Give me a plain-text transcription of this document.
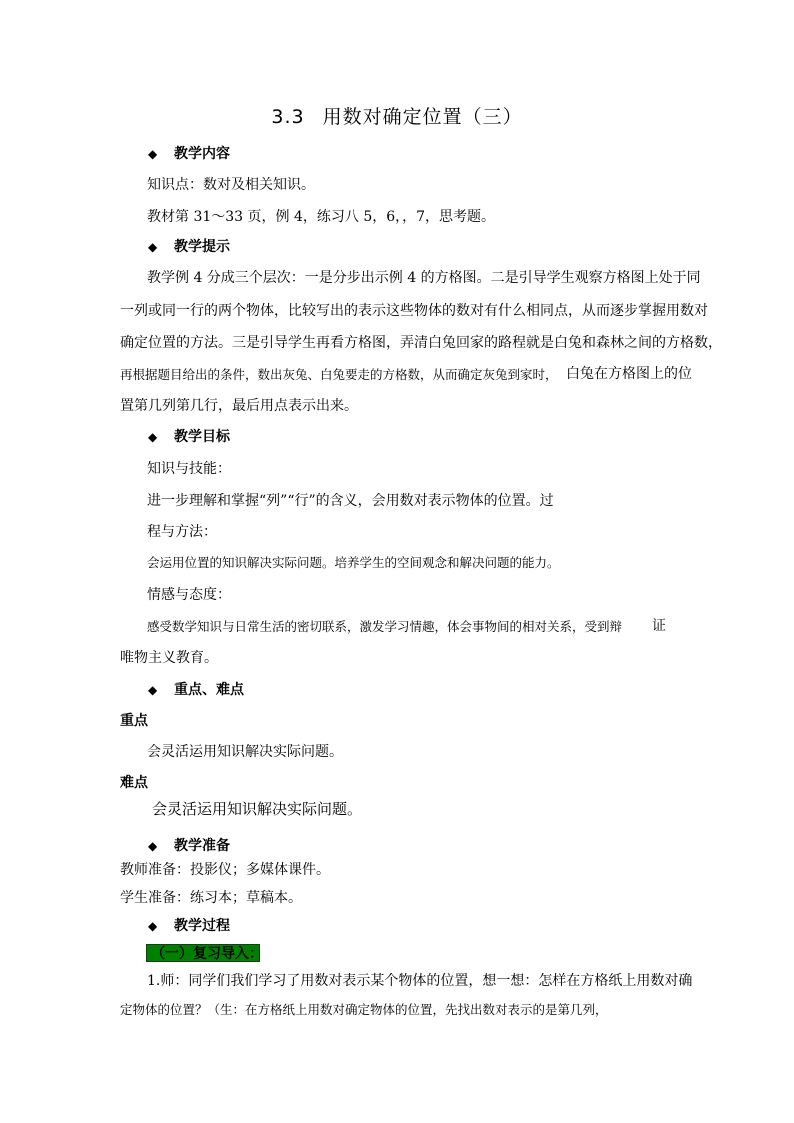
3.3 用数对确定位置（三）
◆ 教学内容
知识点：数对及相关知识。
教材第 31～33 页，例 4，练习八 5，6，，7，思考题。
◆ 教学提示
教学例 4 分成三个层次：一是分步出示例 4 的方格图。二是引导学生观察方格图上处于同
一列或同一行的两个物体，比较写出的表示这些物体的数对有什么相同点，从而逐步掌握用数对
确定位置的方法。三是引导学生再看方格图，弄清白兔回家的路程就是白兔和森林之间的方格数，
再根据题目给出的条件，数出灰兔、白兔要走的方格数，从而确定灰兔到家时， 白兔在方格图上的位
置第几列第几行，最后用点表示出来。
◆ 教学目标
知识与技能：
进一步理解和掌握“列”“行”的含义，会用数对表示物体的位置。过
程与方法：
会运用位置的知识解决实际问题。培养学生的空间观念和解决问题的能力。
情感与态度：
感受数学知识与日常生活的密切联系，激发学习情趣，体会事物间的相对关系，受到辩 证
唯物主义教育。
◆ 重点、难点
重点
会灵活运用知识解决实际问题。
难点
会灵活运用知识解决实际问题。
◆ 教学准备
教师准备：投影仪；多媒体课件。
学生准备：练习本；草稿本。
◆ 教学过程
（一）复习导入：
1.师：同学们我们学习了用数对表示某个物体的位置，想一想：怎样在方格纸上用数对确
定物体的位置？（生：在方格纸上用数对确定物体的位置，先找出数对表示的是第几列，
